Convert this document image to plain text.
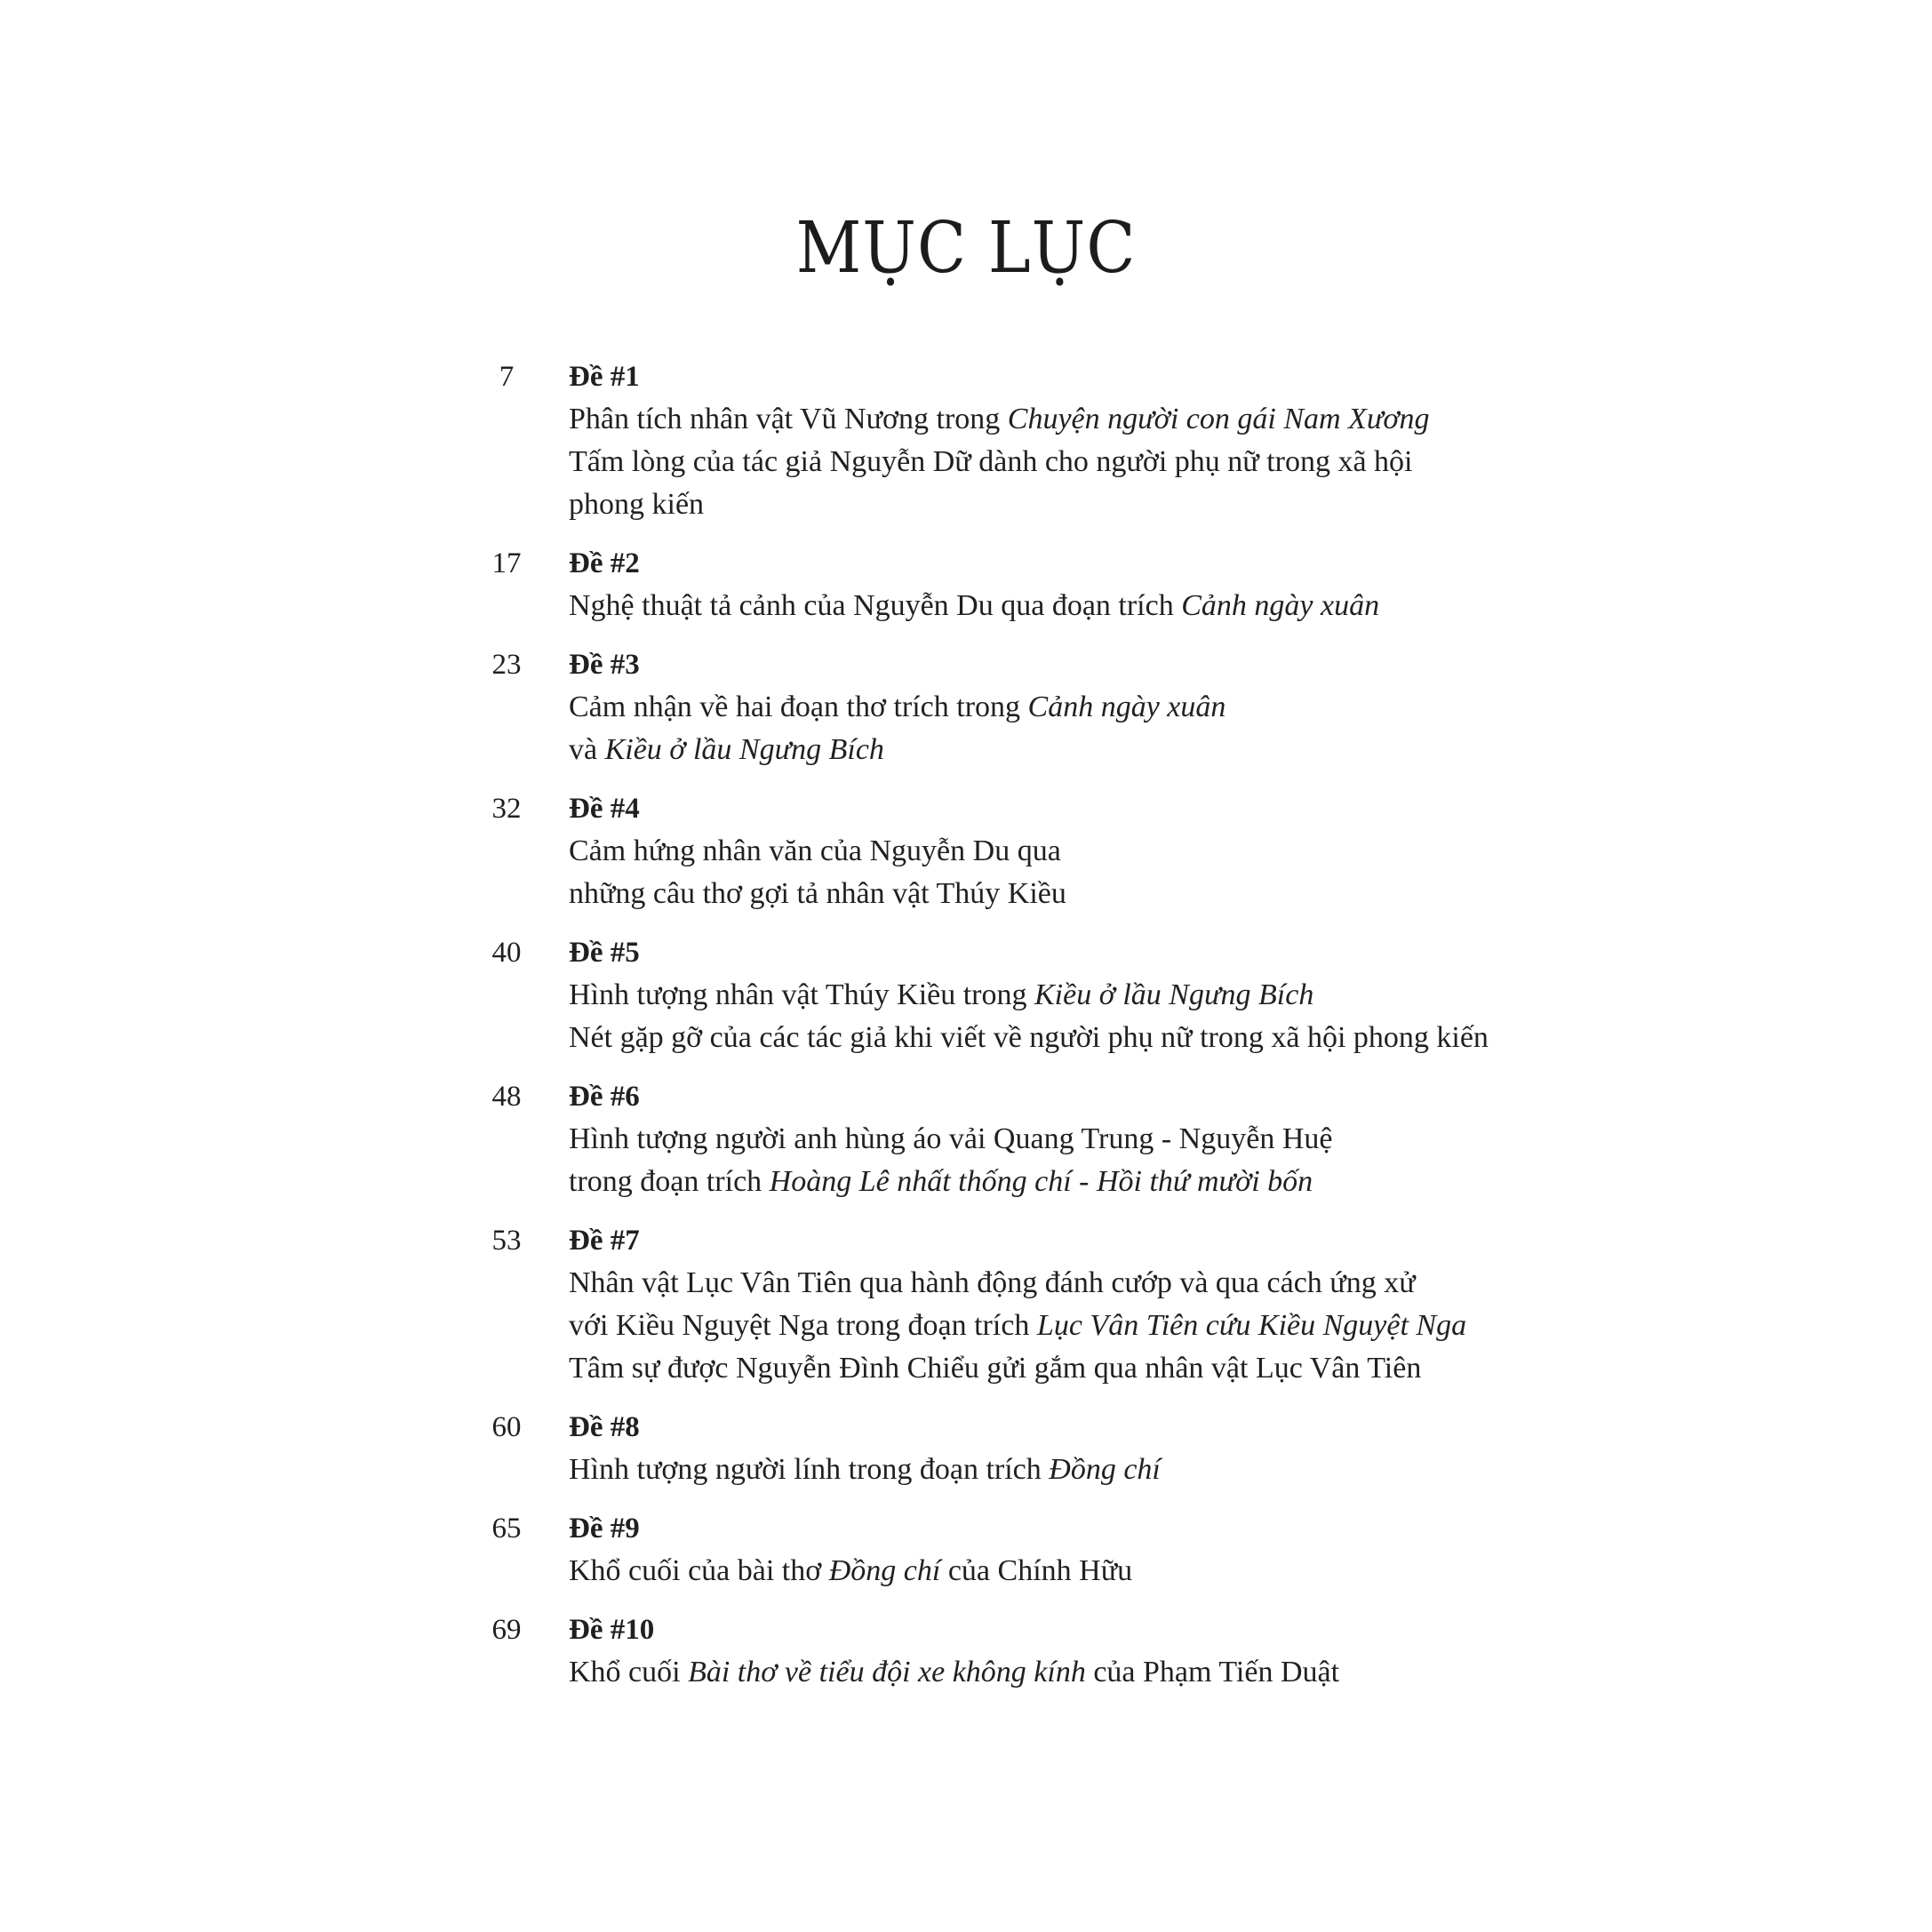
MỤC LỤC
7	Đề #1
Phân tích nhân vật Vũ Nương trong Chuyện người con gái Nam Xương
Tấm lòng của tác giả Nguyễn Dữ dành cho người phụ nữ trong xã hội
phong kiến
17	Đề #2
Nghệ thuật tả cảnh của Nguyễn Du qua đoạn trích Cảnh ngày xuân
23	Đề #3
Cảm nhận về hai đoạn thơ trích trong Cảnh ngày xuân
và Kiều ở lầu Ngưng Bích
32	Đề #4
Cảm hứng nhân văn của Nguyễn Du qua
những câu thơ gợi tả nhân vật Thúy Kiều
40	Đề #5
Hình tượng nhân vật Thúy Kiều trong Kiều ở lầu Ngưng Bích
Nét gặp gỡ của các tác giả khi viết về người phụ nữ trong xã hội phong kiến
48	Đề #6
Hình tượng người anh hùng áo vải Quang Trung - Nguyễn Huệ
trong đoạn trích Hoàng Lê nhất thống chí - Hồi thứ mười bốn
53	Đề #7
Nhân vật Lục Vân Tiên qua hành động đánh cướp và qua cách ứng xử
với Kiều Nguyệt Nga trong đoạn trích Lục Vân Tiên cứu Kiều Nguyệt Nga
Tâm sự được Nguyễn Đình Chiểu gửi gắm qua nhân vật Lục Vân Tiên
60	Đề #8
Hình tượng người lính trong đoạn trích Đồng chí
65	Đề #9
Khổ cuối của bài thơ Đồng chí của Chính Hữu
69	Đề #10
Khổ cuối Bài thơ về tiểu đội xe không kính của Phạm Tiến Duật
